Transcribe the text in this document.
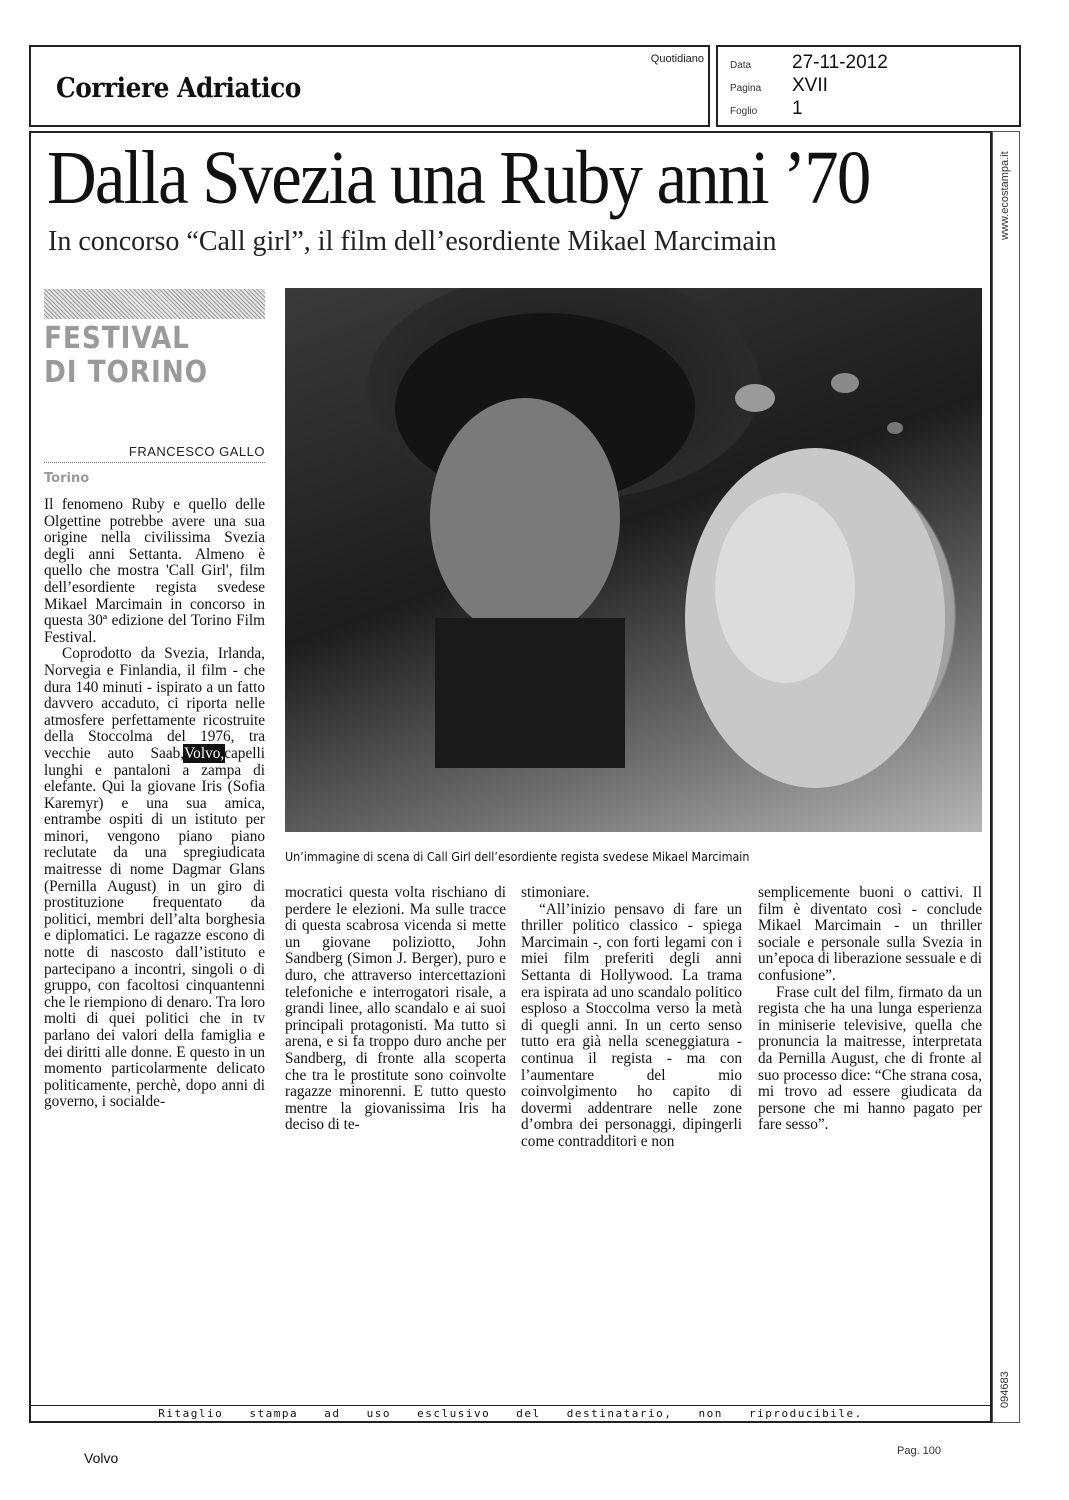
Corriere Adriatico
Quotidiano
Data 27-11-2012
Pagina XVII
Foglio 1
www.ecostampa.it
094683
Dalla Svezia una Ruby anni ’70
In concorso “Call girl”, il film dell’esordiente Mikael Marcimain
FESTIVAL
DI TORINO
FRANCESCO GALLO
Torino
Un’immagine di scena di Call Girl dell’esordiente regista svedese Mikael Marcimain

Il fenomeno Ruby e quello delle Olgettine potrebbe avere una sua origine nella civilissima Svezia degli anni Settanta. Almeno è quello che mostra 'Call Girl', film dell’esordiente regista svedese Mikael Marcimain in concorso in questa 30ª edizione del Torino Film Festival.

Coprodotto da Svezia, Irlanda, Norvegia e Finlandia, il film - che dura 140 minuti - ispirato a un fatto davvero accaduto, ci riporta nelle atmosfere perfettamente ricostruite della Stoccolma del 1976, tra vecchie auto Saab,Volvo,capelli lunghi e pantaloni a zampa di elefante. Qui la giovane Iris (Sofia Karemyr) e una sua amica, entrambe ospiti di un istituto per minori, vengono piano piano reclutate da una spregiudicata maitresse di nome Dagmar Glans (Pernilla August) in un giro di prostituzione frequentato da politici, membri dell’alta borghesia e diplomatici. Le ragazze escono di notte di nascosto dall’istituto e partecipano a incontri, singoli o di gruppo, con facoltosi cinquantenni che le riempiono di denaro. Tra loro molti di quei politici che in tv parlano dei valori della famiglia e dei diritti alle donne. E questo in un momento particolarmente delicato politicamente, perchè, dopo anni di governo, i socialde-

mocratici questa volta rischiano di perdere le elezioni. Ma sulle tracce di questa scabrosa vicenda si mette un giovane poliziotto, John Sandberg (Simon J. Berger), puro e duro, che attraverso intercettazioni telefoniche e interrogatori risale, a grandi linee, allo scandalo e ai suoi principali protagonisti. Ma tutto si arena, e si fa troppo duro anche per Sandberg, di fronte alla scoperta che tra le prostitute sono coinvolte ragazze minorenni. E tutto questo mentre la giovanissima Iris ha deciso di te-

stimoniare.

“All’inizio pensavo di fare un thriller politico classico - spiega Marcimain -, con forti legami con i miei film preferiti degli anni Settanta di Hollywood. La trama era ispirata ad uno scandalo politico esploso a Stoccolma verso la metà di quegli anni. In un certo senso tutto era già nella sceneggiatura - continua il regista - ma con l’aumentare del mio coinvolgimento ho capito di dovermi addentrare nelle zone d’ombra dei personaggi, dipingerli come contradditori e non

semplicemente buoni o cattivi. Il film è diventato così - conclude Mikael Marcimain - un thriller sociale e personale sulla Svezia in un’epoca di liberazione sessuale e di confusione”.

Frase cult del film, firmato da un regista che ha una lunga esperienza in miniserie televisive, quella che pronuncia la maitresse, interpretata da Pernilla August, che di fronte al suo processo dice: “Che strana cosa, mi trovo ad essere giudicata da persone che mi hanno pagato per fare sesso”.

Ritaglio stampa ad uso esclusivo del destinatario, non riproducibile.
Volvo	Pag. 100
